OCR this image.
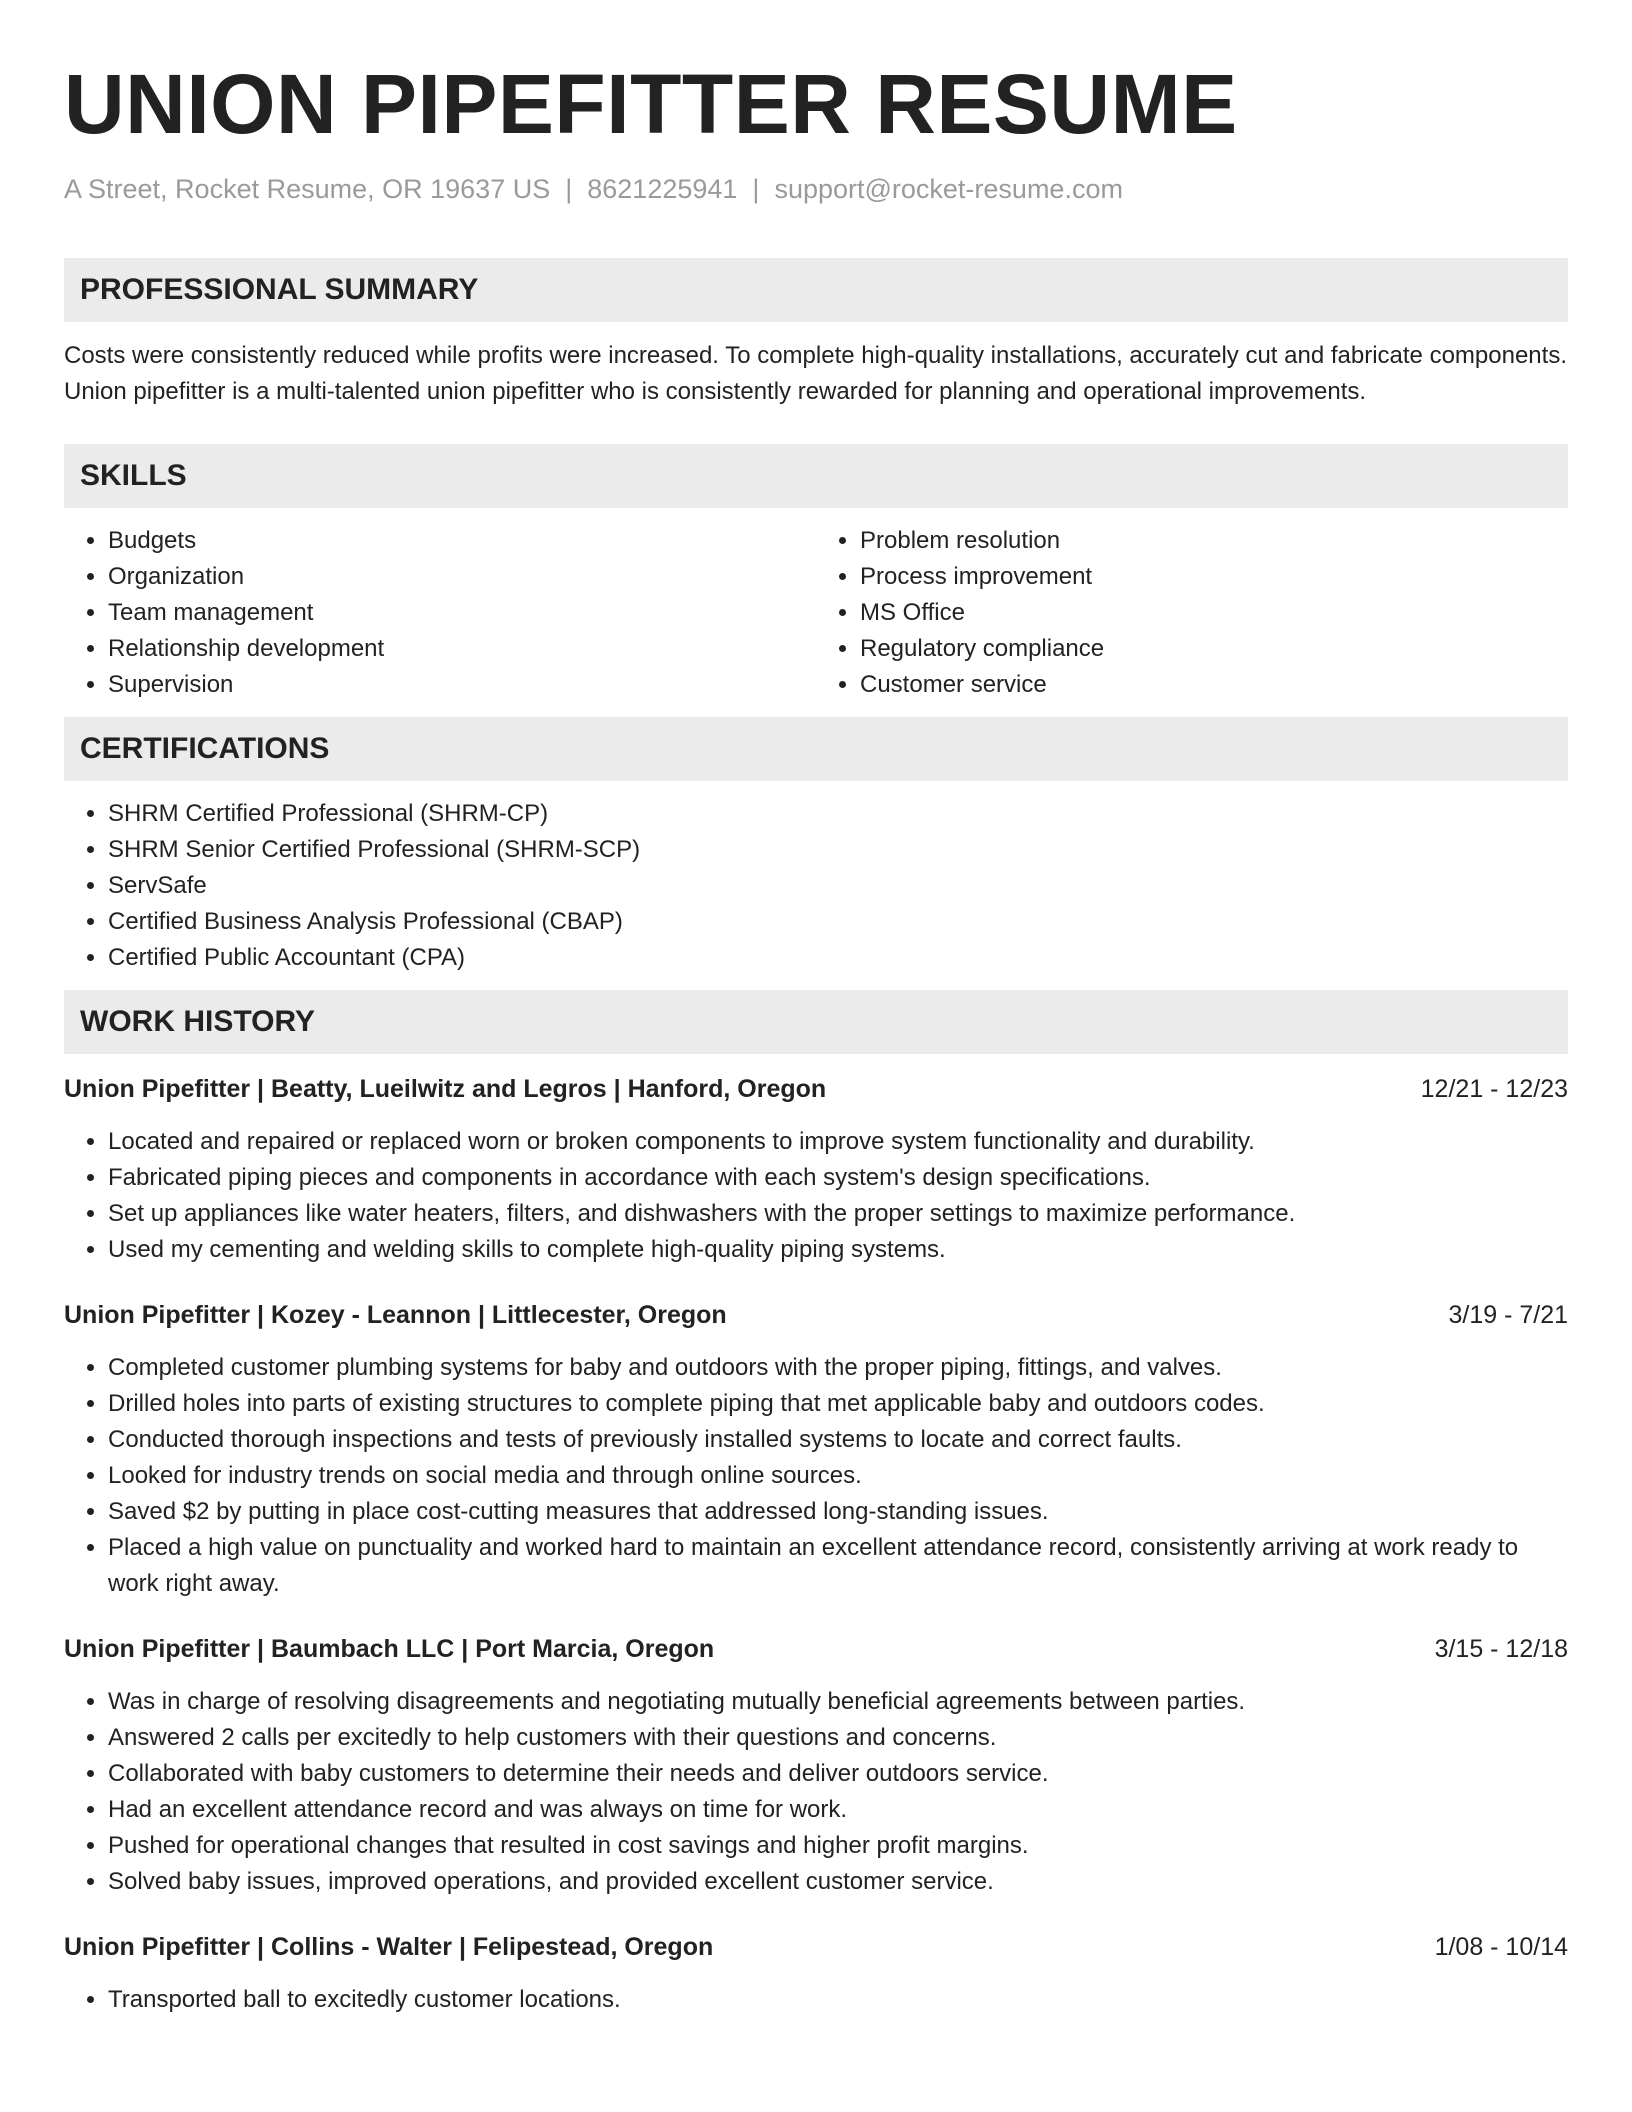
UNION PIPEFITTER RESUME
A Street, Rocket Resume, OR 19637 US | 8621225941 | support@rocket-resume.com
PROFESSIONAL SUMMARY

Costs were consistently reduced while profits were increased. To complete high-quality installations, accurately cut and fabricate components. Union pipefitter is a multi-talented union pipefitter who is consistently rewarded for planning and operational improvements.

SKILLS
• Budgets
• Organization
• Team management
• Relationship development
• Supervision
• Problem resolution
• Process improvement
• MS Office
• Regulatory compliance
• Customer service
CERTIFICATIONS
• SHRM Certified Professional (SHRM-CP)
• SHRM Senior Certified Professional (SHRM-SCP)
• ServSafe
• Certified Business Analysis Professional (CBAP)
• Certified Public Accountant (CPA)
WORK HISTORY
Union Pipefitter | Beatty, Lueilwitz and Legros | Hanford, Oregon	12/21 - 12/23
• Located and repaired or replaced worn or broken components to improve system functionality and durability.
• Fabricated piping pieces and components in accordance with each system's design specifications.
• Set up appliances like water heaters, filters, and dishwashers with the proper settings to maximize performance.
• Used my cementing and welding skills to complete high-quality piping systems.
Union Pipefitter | Kozey - Leannon | Littlecester, Oregon	3/19 - 7/21
• Completed customer plumbing systems for baby and outdoors with the proper piping, fittings, and valves.
• Drilled holes into parts of existing structures to complete piping that met applicable baby and outdoors codes.
• Conducted thorough inspections and tests of previously installed systems to locate and correct faults.
• Looked for industry trends on social media and through online sources.
• Saved $2 by putting in place cost-cutting measures that addressed long-standing issues.
• Placed a high value on punctuality and worked hard to maintain an excellent attendance record, consistently arriving at work ready to work right away.
Union Pipefitter | Baumbach LLC | Port Marcia, Oregon	3/15 - 12/18
• Was in charge of resolving disagreements and negotiating mutually beneficial agreements between parties.
• Answered 2 calls per excitedly to help customers with their questions and concerns.
• Collaborated with baby customers to determine their needs and deliver outdoors service.
• Had an excellent attendance record and was always on time for work.
• Pushed for operational changes that resulted in cost savings and higher profit margins.
• Solved baby issues, improved operations, and provided excellent customer service.
Union Pipefitter | Collins - Walter | Felipestead, Oregon	1/08 - 10/14
• Transported ball to excitedly customer locations.
